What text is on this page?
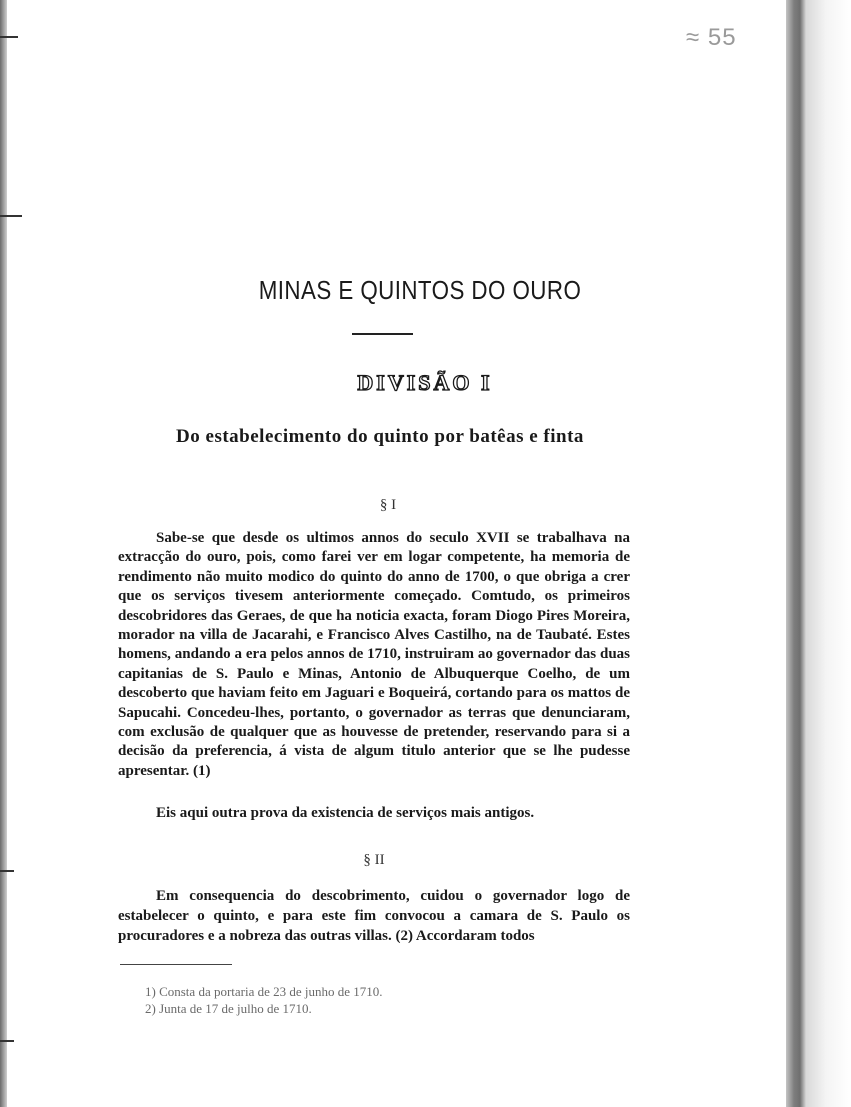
≈ 55
MINAS E QUINTOS DO OURO
DIVISÃO I
Do estabelecimento do quinto por batêas e finta
§ I

Sabe-se que desde os ultimos annos do seculo XVII se trabalhava na extracção do ouro, pois, como farei ver em logar competente, ha memoria de rendimento não muito modico do quinto do anno de 1700, o que obriga a crer que os serviços tivesem anteriormente começado. Comtudo, os primeiros descobridores das Geraes, de que ha noticia exacta, foram Diogo Pires Moreira, morador na villa de Jacarahi, e Francisco Alves Castilho, na de Taubaté. Estes homens, andando a era pelos annos de 1710, instruiram ao governador das duas capitanias de S. Paulo e Minas, Antonio de Albuquerque Coelho, de um descoberto que haviam feito em Jaguari e Boqueirá, cortando para os mattos de Sapucahi. Concedeu-lhes, portanto, o governador as terras que denunciaram, com exclusão de qualquer que as houvesse de pretender, reservando para si a decisão da preferencia, á vista de algum titulo anterior que se lhe pudesse apresentar. (1)

Eis aqui outra prova da existencia de serviços mais antigos.

§ II

Em consequencia do descobrimento, cuidou o governador logo de estabelecer o quinto, e para este fim convocou a camara de S. Paulo os procuradores e a nobreza das outras villas. (2) Accordaram todos

1) Consta da portaria de 23 de junho de 1710.
2) Junta de 17 de julho de 1710.
